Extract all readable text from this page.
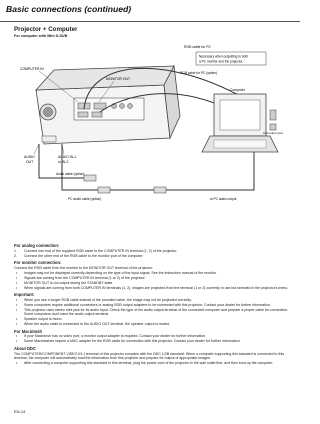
Basic connections (continued)
Projector + Computer
For computer with Mini D-SUB
COMPUTER IN
MONITOR OUT
RGB cable for PC
Necessary when outputting to both
a PC monitor and the projector.
RGB cable for PC (option)
Computer
to monitor port
AUDIO
OUT
AUDIO IN-1
or IN-2
Audio cable (option)
PC audio cable (option)	to PC audio output
For analog connection:

1. Connect one end of the supplied RGB cable to the COMPUTER IN terminal (1, 2) of the projector.

2. Connect the other end of the RGB cable to the monitor port of the computer.

For monitor connection:

Connect the RGB cable from the monitor to the MONITOR OUT terminal of the projector.

• Images may not be displayed correctly depending on the type of the input signal. See the instruction manual of the monitor.

• Signals are coming from the COMPUTER IN terminal (1 or 2) of the projector.

• MONITOR OUT is not output during the STANDBY state.

• When signals are coming from both COMPUTER IN terminals (1, 2), images are projected from the terminal (1 or 2) currently in use but selected in the projector's menu.

Important:

• When you use a longer RGB cable instead of the provided cable, the image may not be projected correctly.

• Some computers require additional connectors or analog RGB output adapters to be connected with this projector. Contact your dealer for further information.

• This projector uses stereo mini jack for its audio input. Check the type of the audio output terminal of the connected computer and prepare a proper cable for connection. Some computers don't have the audio output terminal.

• Speaker output is mono.

• When the audio cable is connected to the AUDIO OUT terminal, the speaker output is muted.

For Macintosh

• If your Macintosh has no video port, a monitor output adapter is required. Contact your dealer for further information.

• Some Macintoshes require a MAC adapter for the RGB cable for connection with this projector. Contact your dealer for further information.

About DDC

The COMPUTER/COMPONENT VIDEO IN-1 terminal of this projector complies with the DDC 1/2B standard. When a computer supporting this standard is connected to this terminal, the computer will automatically load the information from this projector and prepare for output of appropriate images.

• After connecting a computer supporting this standard to this terminal, plug the power cord of the projector in the wall outlet first, and then boot up the computer.

EN-14
